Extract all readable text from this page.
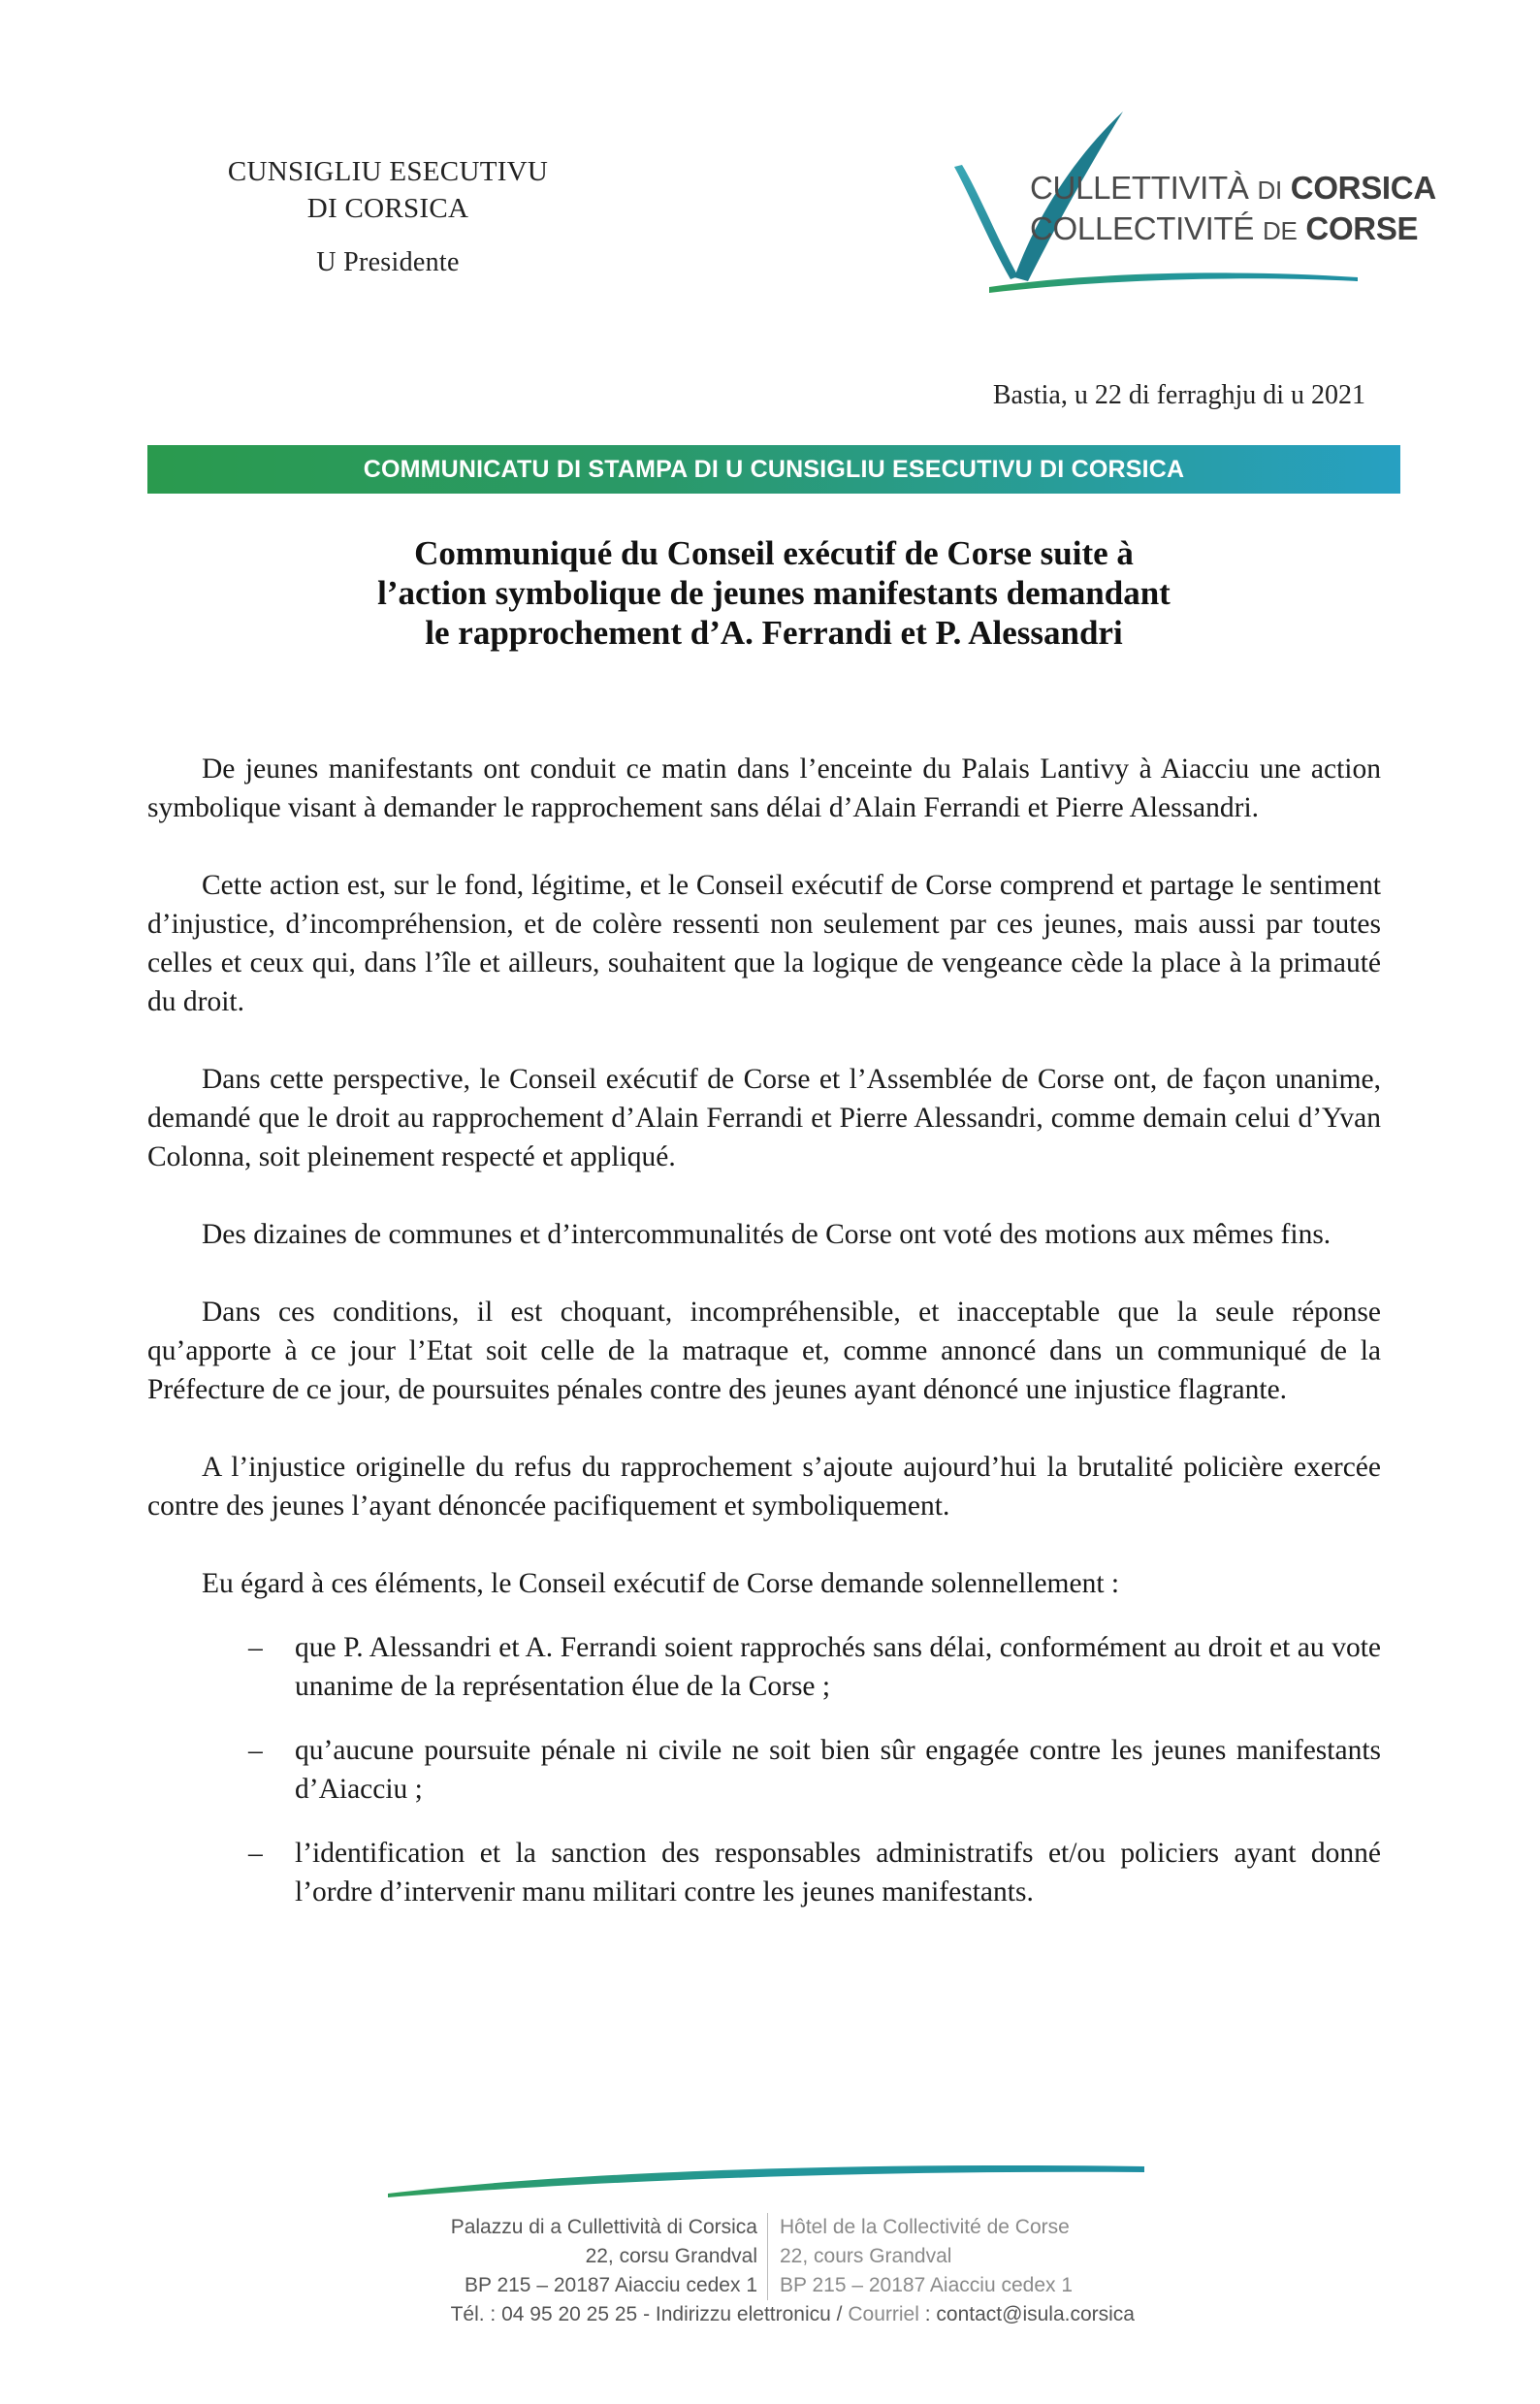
CUNSIGLIU ESECUTIVU
DI CORSICA
U Presidente
CULLETTIVITÀ DI CORSICA
COLLECTIVITÉ DE CORSE
Bastia, u 22 di ferraghju di u 2021
COMMUNICATU DI STAMPA DI U CUNSIGLIU ESECUTIVU DI CORSICA
Communiqué du Conseil exécutif de Corse suite à
l’action symbolique de jeunes manifestants demandant
le rapprochement d’A. Ferrandi et P. Alessandri

De jeunes manifestants ont conduit ce matin dans l’enceinte du Palais Lantivy à Aiacciu une action symbolique visant à demander le rapprochement sans délai d’Alain Ferrandi et Pierre Alessandri.

Cette action est, sur le fond, légitime, et le Conseil exécutif de Corse comprend et partage le sentiment d’injustice, d’incompréhension, et de colère ressenti non seulement par ces jeunes, mais aussi par toutes celles et ceux qui, dans l’île et ailleurs, souhaitent que la logique de vengeance cède la place à la primauté du droit.

Dans cette perspective, le Conseil exécutif de Corse et l’Assemblée de Corse ont, de façon unanime, demandé que le droit au rapprochement d’Alain Ferrandi et Pierre Alessandri, comme demain celui d’Yvan Colonna, soit pleinement respecté et appliqué.

Des dizaines de communes et d’intercommunalités de Corse ont voté des motions aux mêmes fins.

Dans ces conditions, il est choquant, incompréhensible, et inacceptable que la seule réponse qu’apporte à ce jour l’Etat soit celle de la matraque et, comme annoncé dans un communiqué de la Préfecture de ce jour, de poursuites pénales contre des jeunes ayant dénoncé une injustice flagrante.

A l’injustice originelle du refus du rapprochement s’ajoute aujourd’hui la brutalité policière exercée contre des jeunes l’ayant dénoncée pacifiquement et symboliquement.

Eu égard à ces éléments, le Conseil exécutif de Corse demande solennellement :

– que P. Alessandri et A. Ferrandi soient rapprochés sans délai, conformément au droit et au vote unanime de la représentation élue de la Corse ;
– qu’aucune poursuite pénale ni civile ne soit bien sûr engagée contre les jeunes manifestants d’Aiacciu ;
– l’identification et la sanction des responsables administratifs et/ou policiers ayant donné l’ordre d’intervenir manu militari contre les jeunes manifestants.
Palazzu di a Cullettività di Corsica
22, corsu Grandval
BP 215 – 20187 Aiacciu cedex 1
Hôtel de la Collectivité de Corse
22, cours Grandval
BP 215 – 20187 Aiacciu cedex 1
Tél. : 04 95 20 25 25 - Indirizzu elettronicu / Courriel : contact@isula.corsica
